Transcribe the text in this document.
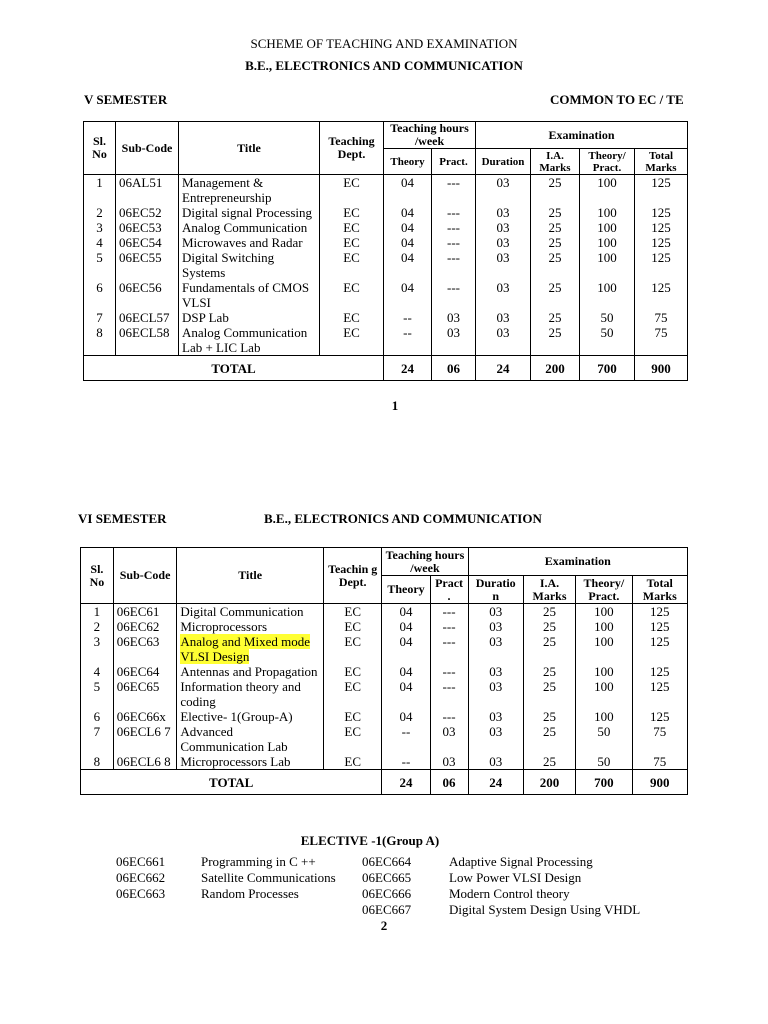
SCHEME OF TEACHING AND EXAMINATION
B.E., ELECTRONICS AND COMMUNICATION
V SEMESTER	COMMON TO EC / TE
Sl. No	Sub-Code	Title	Teaching Dept.	Teaching hours /week		Examination			
				Theory	Pract.	Duration	I.A. Marks	Theory/ Pract.	Total Marks
1	06AL51	Management & Entrepreneurship	EC	04	---	03	25	100	125
2	06EC52	Digital signal Processing	EC	04	---	03	25	100	125
3	06EC53	Analog Communication	EC	04	---	03	25	100	125
4	06EC54	Microwaves and Radar	EC	04	---	03	25	100	125
5	06EC55	Digital Switching Systems	EC	04	---	03	25	100	125
6	06EC56	Fundamentals of CMOS VLSI	EC	04	---	03	25	100	125
7	06ECL57	DSP Lab	EC	--	03	03	25	50	75
8	06ECL58	Analog Communication Lab + LIC Lab	EC	--	03	03	25	50	75
TOTAL				24	06	24	200	700	900
1
VI SEMESTER	B.E., ELECTRONICS AND COMMUNICATION
Sl. No	Sub-Code	Title	Teachin g Dept.	Teaching hours /week		Examination			
				Theory	Pract .	Duratio n	I.A. Marks	Theory/ Pract.	Total Marks
1	06EC61	Digital Communication	EC	04	---	03	25	100	125
2	06EC62	Microprocessors	EC	04	---	03	25	100	125
3	06EC63	Analog and Mixed mode VLSI Design	EC	04	---	03	25	100	125
4	06EC64	Antennas and Propagation	EC	04	---	03	25	100	125
5	06EC65	Information theory and coding	EC	04	---	03	25	100	125
6	06EC66x	Elective- 1(Group-A)	EC	04	---	03	25	100	125
7	06ECL6 7	Advanced Communication Lab	EC	--	03	03	25	50	75
8	06ECL6 8	Microprocessors Lab	EC	--	03	03	25	50	75
TOTAL				24	06	24	200	700	900
ELECTIVE -1(Group A)
06EC661	Programming in C ++
06EC662	Satellite Communications
06EC663	Random Processes
06EC664	Adaptive Signal Processing
06EC665	Low Power VLSI Design
06EC666	Modern Control theory
06EC667	Digital System Design Using VHDL
2
